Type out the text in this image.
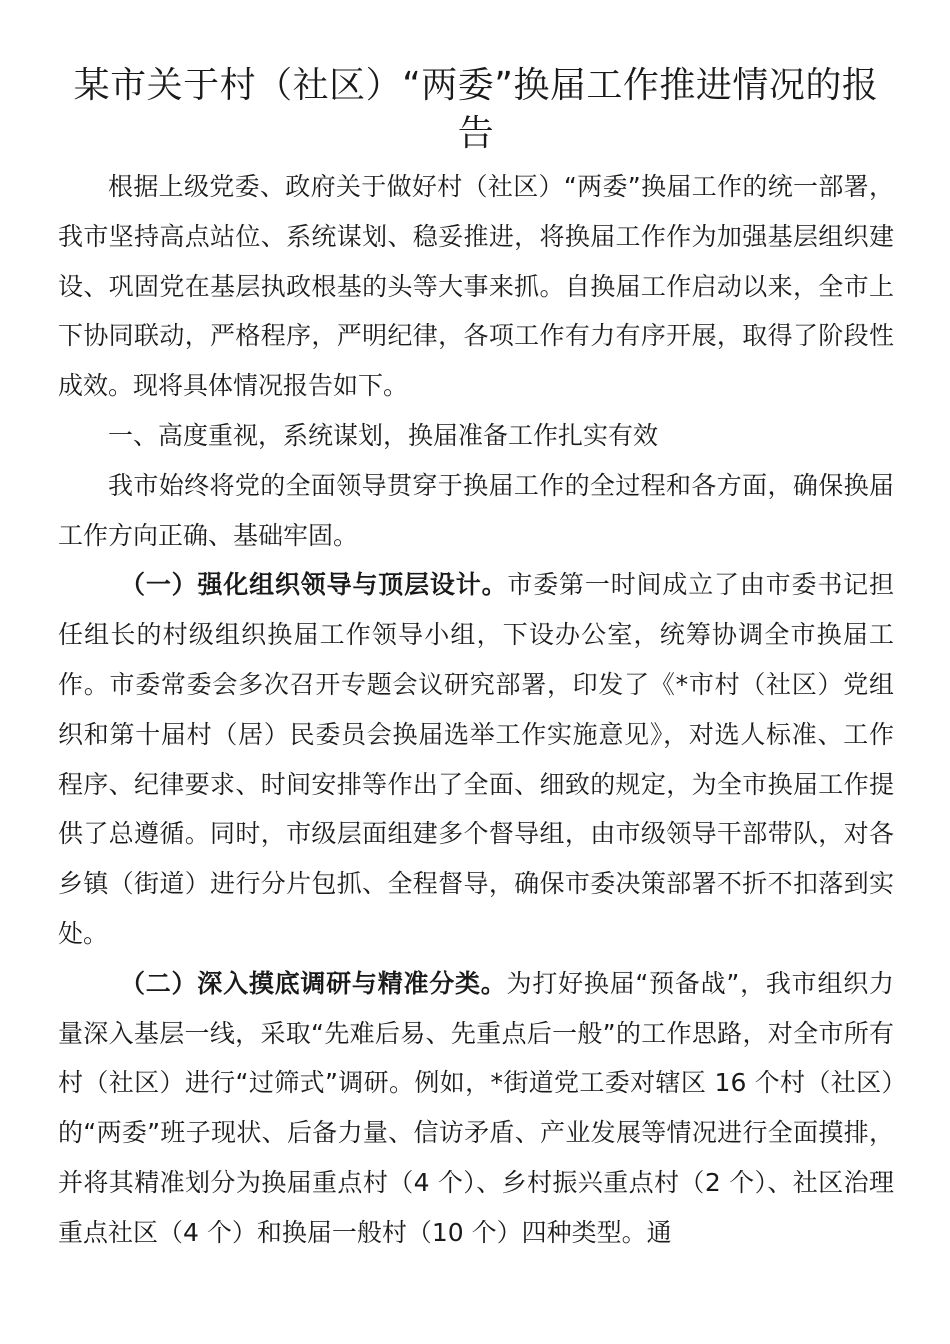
某市关于村（社区）“两委”换届工作推进情况的报告

根据上级党委、政府关于做好村（社区）“两委”换届工作的统一部署，我市坚持高点站位、系统谋划、稳妥推进，将换届工作作为加强基层组织建设、巩固党在基层执政根基的头等大事来抓。自换届工作启动以来，全市上下协同联动，严格程序，严明纪律，各项工作有力有序开展，取得了阶段性成效。现将具体情况报告如下。

一、高度重视，系统谋划，换届准备工作扎实有效

我市始终将党的全面领导贯穿于换届工作的全过程和各方面，确保换届工作方向正确、基础牢固。

（一）强化组织领导与顶层设计。市委第一时间成立了由市委书记担任组长的村级组织换届工作领导小组，下设办公室，统筹协调全市换届工作。市委常委会多次召开专题会议研究部署，印发了《*市村（社区）党组织和第十届村（居）民委员会换届选举工作实施意见》，对选人标准、工作程序、纪律要求、时间安排等作出了全面、细致的规定，为全市换届工作提供了总遵循。同时，市级层面组建多个督导组，由市级领导干部带队，对各乡镇（街道）进行分片包抓、全程督导，确保市委决策部署不折不扣落到实处。

（二）深入摸底调研与精准分类。为打好换届“预备战”，我市组织力量深入基层一线，采取“先难后易、先重点后一般”的工作思路，对全市所有村（社区）进行“过筛式”调研。例如，*街道党工委对辖区 16 个村（社区）的“两委”班子现状、后备力量、信访矛盾、产业发展等情况进行全面摸排，并将其精准划分为换届重点村（4 个）、乡村振兴重点村（2 个）、社区治理重点社区（4 个）和换届一般村（10 个）四种类型。通
